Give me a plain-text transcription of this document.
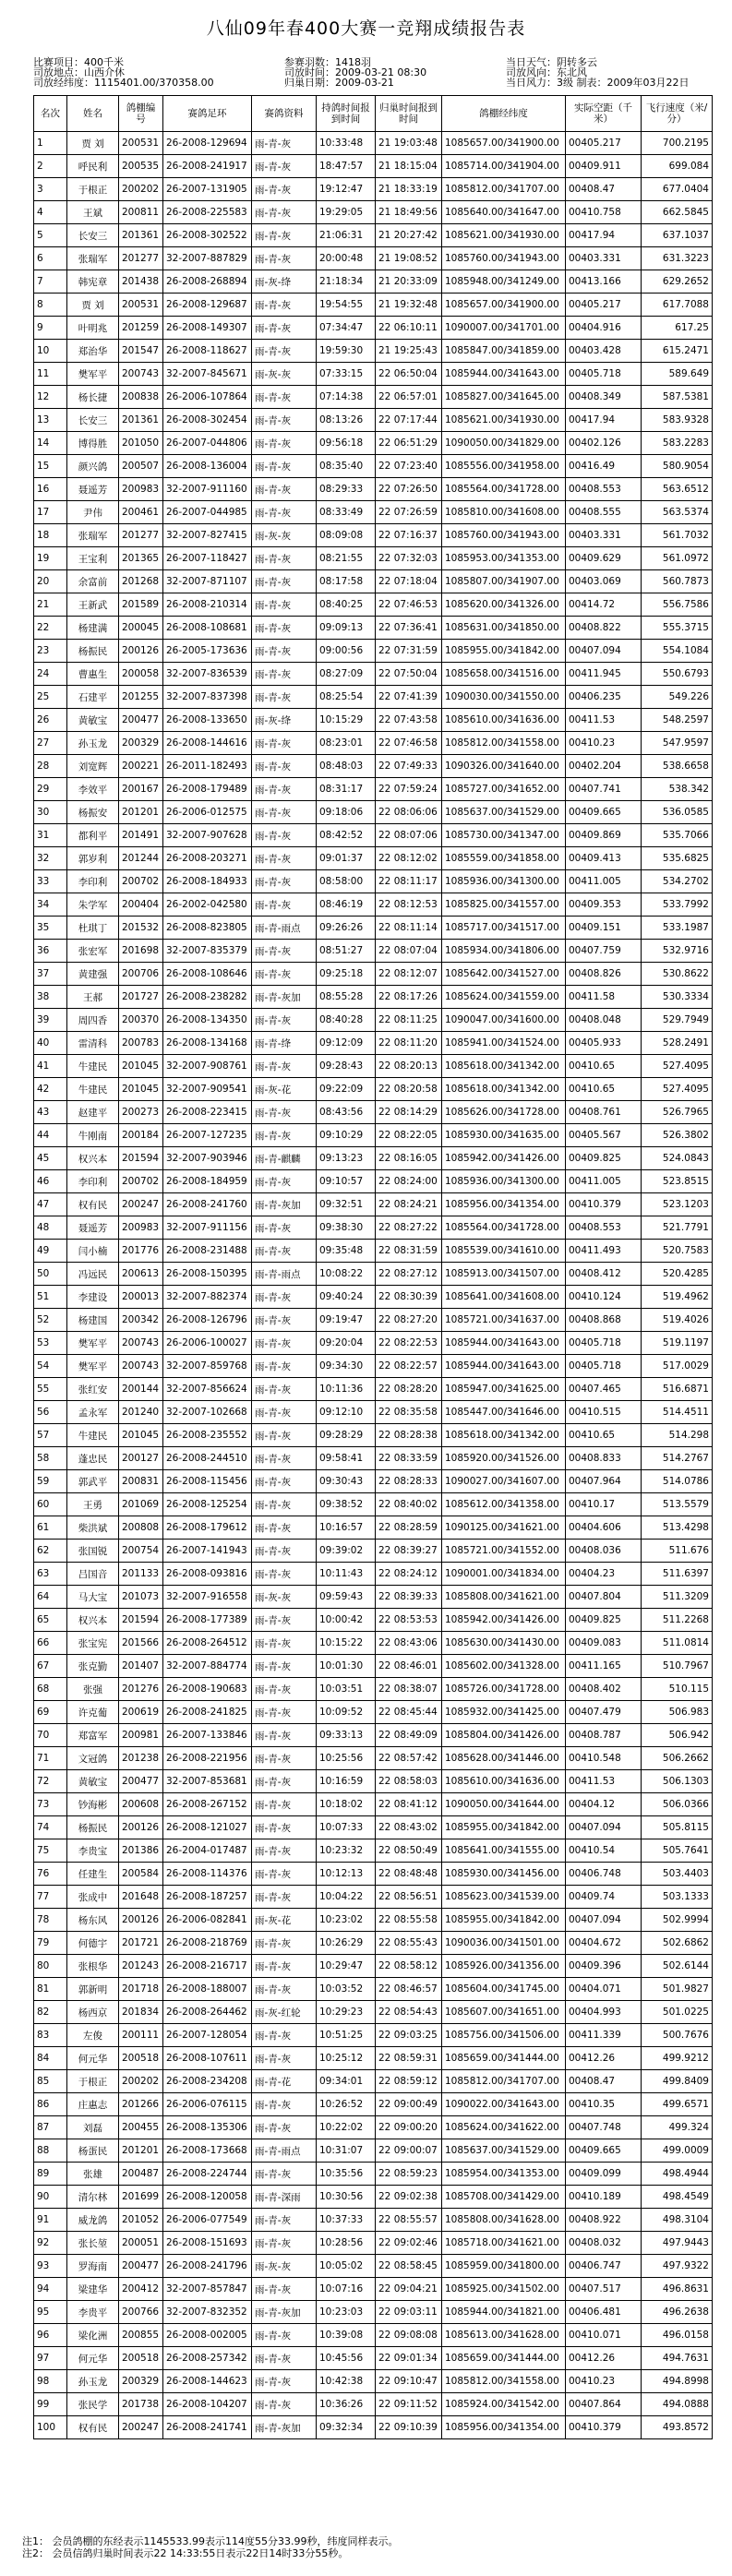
八仙09年春400大赛一竞翔成绩报告表
比赛项目：400千米
司放地点：山西介休
司放经纬度：1115401.00/370358.00
参赛羽数：1418羽
司放时间：2009-03-21 08:30
归巢日期：2009-03-21
当日天气：阴转多云
司放风向：东北风
当日风力：3级 制表：2009年03月22日
名次	姓名	鸽棚编号	赛鸽足环	赛鸽资料	持鸽时间报到时间	归巢时间报到时间	鸽棚经纬度	实际空距（千米）	飞行速度（米/分）
1	贾 刘	200531	26-2008-129694	雨-青-灰	10:33:48	21 19:03:48	1085657.00/341900.00	00405.217	700.2195
2	呼民利	200535	26-2008-241917	雨-青-灰	18:47:57	21 18:15:04	1085714.00/341904.00	00409.911	699.084
3	于根正	200202	26-2007-131905	雨-青-灰	19:12:47	21 18:33:19	1085812.00/341707.00	00408.47	677.0404
4	王斌	200811	26-2008-225583	雨-青-灰	19:29:05	21 18:49:56	1085640.00/341647.00	00410.758	662.5845
5	长安三	201361	26-2008-302522	雨-青-灰	21:06:31	21 20:27:42	1085621.00/341930.00	00417.94	637.1037
6	张瑞军	201277	32-2007-887829	雨-青-灰	20:00:48	21 19:08:52	1085760.00/341943.00	00403.331	631.3223
7	韩宪章	201438	26-2008-268894	雨-灰-绛	21:18:34	21 20:33:09	1085948.00/341249.00	00413.166	629.2652
8	贾 刘	200531	26-2008-129687	雨-青-灰	19:54:55	21 19:32:48	1085657.00/341900.00	00405.217	617.7088
9	叶明兆	201259	26-2008-149307	雨-青-灰	07:34:47	22 06:10:11	1090007.00/341701.00	00404.916	617.25
10	郑治华	201547	26-2008-118627	雨-青-灰	19:59:30	21 19:25:43	1085847.00/341859.00	00403.428	615.2471
11	樊军平	200743	32-2007-845671	雨-灰-灰	07:33:15	22 06:50:04	1085944.00/341643.00	00405.718	589.649
12	杨长捷	200838	26-2006-107864	雨-青-灰	07:14:38	22 06:57:01	1085827.00/341645.00	00408.349	587.5381
13	长安三	201361	26-2008-302454	雨-青-灰	08:13:26	22 07:17:44	1085621.00/341930.00	00417.94	583.9328
14	博得胜	201050	26-2007-044806	雨-青-灰	09:56:18	22 06:51:29	1090050.00/341829.00	00402.126	583.2283
15	颜兴鸽	200507	26-2008-136004	雨-青-灰	08:35:40	22 07:23:40	1085556.00/341958.00	00416.49	580.9054
16	聂遥芳	200983	32-2007-911160	雨-青-灰	08:29:33	22 07:26:50	1085564.00/341728.00	00408.553	563.6512
17	尹伟	200461	26-2007-044985	雨-青-灰	08:33:49	22 07:26:59	1085810.00/341608.00	00408.555	563.5374
18	张瑞军	201277	32-2007-827415	雨-灰-灰	08:09:08	22 07:16:37	1085760.00/341943.00	00403.331	561.7032
19	王宝利	201365	26-2007-118427	雨-青-灰	08:21:55	22 07:32:03	1085953.00/341353.00	00409.629	561.0972
20	余富前	201268	32-2007-871107	雨-青-灰	08:17:58	22 07:18:04	1085807.00/341907.00	00403.069	560.7873
21	王新武	201589	26-2008-210314	雨-青-灰	08:40:25	22 07:46:53	1085620.00/341326.00	00414.72	556.7586
22	杨建满	200045	26-2008-108681	雨-青-灰	09:09:13	22 07:36:41	1085631.00/341850.00	00408.822	555.3715
23	杨振民	200126	26-2005-173636	雨-青-灰	09:00:56	22 07:31:59	1085955.00/341842.00	00407.094	554.1084
24	曹惠生	200058	32-2007-836539	雨-青-灰	08:27:09	22 07:50:04	1085658.00/341516.00	00411.945	550.6793
25	石建平	201255	32-2007-837398	雨-青-灰	08:25:54	22 07:41:39	1090030.00/341550.00	00406.235	549.226
26	黄敏宝	200477	26-2008-133650	雨-灰-绛	10:15:29	22 07:43:58	1085610.00/341636.00	00411.53	548.2597
27	孙玉龙	200329	26-2008-144616	雨-青-灰	08:23:01	22 07:46:58	1085812.00/341558.00	00410.23	547.9597
28	刘宽辉	200221	26-2011-182493	雨-青-灰	08:48:03	22 07:49:33	1090326.00/341640.00	00402.204	538.6658
29	李效平	200167	26-2008-179489	雨-青-灰	08:31:17	22 07:59:24	1085727.00/341652.00	00407.741	538.342
30	杨振安	201201	26-2006-012575	雨-青-灰	09:18:06	22 08:06:06	1085637.00/341529.00	00409.665	536.0585
31	都利平	201491	32-2007-907628	雨-青-灰	08:42:52	22 08:07:06	1085730.00/341347.00	00409.869	535.7066
32	郭岁利	201244	26-2008-203271	雨-青-灰	09:01:37	22 08:12:02	1085559.00/341858.00	00409.413	535.6825
33	李印利	200702	26-2008-184933	雨-青-灰	08:58:00	22 08:11:17	1085936.00/341300.00	00411.005	534.2702
34	朱学军	200404	26-2002-042580	雨-青-灰	08:46:19	22 08:12:53	1085825.00/341557.00	00409.353	533.7992
35	杜琪丁	201532	26-2008-823805	雨-青-雨点	09:26:26	22 08:11:14	1085717.00/341517.00	00409.151	533.1987
36	张宏军	201698	32-2007-835379	雨-青-灰	08:51:27	22 08:07:04	1085934.00/341806.00	00407.759	532.9716
37	黄建强	200706	26-2008-108646	雨-青-灰	09:25:18	22 08:12:07	1085642.00/341527.00	00408.826	530.8622
38	王郝	201727	26-2008-238282	雨-青-灰加	08:55:28	22 08:17:26	1085624.00/341559.00	00411.58	530.3334
39	周四香	200370	26-2008-134350	雨-青-灰	08:40:28	22 08:11:25	1090047.00/341600.00	00408.048	529.7949
40	雷清科	200783	26-2008-134168	雨-青-绛	09:12:09	22 08:11:20	1085941.00/341524.00	00405.933	528.2491
41	牛建民	201045	32-2007-908761	雨-青-灰	09:28:43	22 08:20:13	1085618.00/341342.00	00410.65	527.4095
42	牛建民	201045	32-2007-909541	雨-灰-花	09:22:09	22 08:20:58	1085618.00/341342.00	00410.65	527.4095
43	赵建平	200273	26-2008-223415	雨-青-灰	08:43:56	22 08:14:29	1085626.00/341728.00	00408.761	526.7965
44	牛刚南	200184	26-2007-127235	雨-青-灰	09:10:29	22 08:22:05	1085930.00/341635.00	00405.567	526.3802
45	权兴本	201594	32-2007-903946	雨-青-麒麟	09:13:23	22 08:16:05	1085942.00/341426.00	00409.825	524.0843
46	李印利	200702	26-2008-184959	雨-青-灰	09:10:57	22 08:24:00	1085936.00/341300.00	00411.005	523.8515
47	权有民	200247	26-2008-241760	雨-青-灰加	09:32:51	22 08:24:21	1085956.00/341354.00	00410.379	523.1203
48	聂遥芳	200983	32-2007-911156	雨-青-灰	09:38:30	22 08:27:22	1085564.00/341728.00	00408.553	521.7791
49	闫小楠	201776	26-2008-231488	雨-青-灰	09:35:48	22 08:31:59	1085539.00/341610.00	00411.493	520.7583
50	冯远民	200613	26-2008-150395	雨-青-雨点	10:08:22	22 08:27:12	1085913.00/341507.00	00408.412	520.4285
51	李建设	200013	32-2007-882374	雨-青-灰	09:40:24	22 08:30:39	1085641.00/341608.00	00410.124	519.4962
52	杨建国	200342	26-2008-126796	雨-青-灰	09:19:47	22 08:27:20	1085721.00/341637.00	00408.868	519.4026
53	樊军平	200743	26-2006-100027	雨-青-灰	09:20:04	22 08:22:53	1085944.00/341643.00	00405.718	519.1197
54	樊军平	200743	32-2007-859768	雨-青-灰	09:34:30	22 08:22:57	1085944.00/341643.00	00405.718	517.0029
55	张红安	200144	32-2007-856624	雨-青-灰	10:11:36	22 08:28:20	1085947.00/341625.00	00407.465	516.6871
56	孟永军	201240	32-2007-102668	雨-青-灰	09:12:10	22 08:35:58	1085447.00/341646.00	00410.515	514.4511
57	牛建民	201045	26-2008-235552	雨-青-灰	09:28:29	22 08:28:38	1085618.00/341342.00	00410.65	514.298
58	蓬忠民	200127	26-2008-244510	雨-青-灰	09:58:41	22 08:33:59	1085920.00/341526.00	00408.833	514.2767
59	郭武平	200831	26-2008-115456	雨-青-灰	09:30:43	22 08:28:33	1090027.00/341607.00	00407.964	514.0786
60	王勇	201069	26-2008-125254	雨-青-灰	09:38:52	22 08:40:02	1085612.00/341358.00	00410.17	513.5579
61	柴洪斌	200808	26-2008-179612	雨-青-灰	10:16:57	22 08:28:59	1090125.00/341621.00	00404.606	513.4298
62	张国锐	200754	26-2007-141943	雨-青-灰	09:39:02	22 08:39:27	1085721.00/341552.00	00408.036	511.676
63	吕国音	201133	26-2008-093816	雨-青-灰	10:11:43	22 08:24:12	1090001.00/341834.00	00404.23	511.6397
64	马大宝	201073	32-2007-916558	雨-灰-灰	09:59:43	22 08:39:33	1085808.00/341621.00	00407.804	511.3209
65	权兴本	201594	26-2008-177389	雨-青-灰	10:00:42	22 08:53:53	1085942.00/341426.00	00409.825	511.2268
66	张宝宪	201566	26-2008-264512	雨-青-灰	10:15:22	22 08:43:06	1085630.00/341430.00	00409.083	511.0814
67	张克勤	201407	32-2007-884774	雨-青-灰	10:01:30	22 08:46:01	1085602.00/341328.00	00411.165	510.7967
68	张强	201276	26-2008-190683	雨-青-灰	10:03:51	22 08:38:07	1085726.00/341728.00	00408.402	510.115
69	许克葡	200619	26-2008-241825	雨-青-灰	10:09:52	22 08:45:44	1085932.00/341425.00	00407.479	506.983
70	郑富军	200981	26-2007-133846	雨-青-灰	09:33:13	22 08:49:09	1085804.00/341426.00	00408.787	506.942
71	文冠鸽	201238	26-2008-221956	雨-青-灰	10:25:56	22 08:57:42	1085628.00/341446.00	00410.548	506.2662
72	黄敏宝	200477	32-2007-853681	雨-青-灰	10:16:59	22 08:58:03	1085610.00/341636.00	00411.53	506.1303
73	钞海彬	200608	26-2008-267152	雨-青-灰	10:18:02	22 08:41:12	1090050.00/341644.00	00404.12	506.0366
74	杨振民	200126	26-2008-121027	雨-青-灰	10:07:33	22 08:43:02	1085955.00/341842.00	00407.094	505.8115
75	李贵宝	201386	26-2004-017487	雨-青-灰	10:23:32	22 08:50:49	1085641.00/341555.00	00410.54	505.7641
76	任建生	200584	26-2008-114376	雨-青-灰	10:12:13	22 08:48:48	1085930.00/341456.00	00406.748	503.4403
77	张成中	201648	26-2008-187257	雨-青-灰	10:04:22	22 08:56:51	1085623.00/341539.00	00409.74	503.1333
78	杨东风	200126	26-2006-082841	雨-灰-花	10:23:02	22 08:55:58	1085955.00/341842.00	00407.094	502.9994
79	何德宇	201721	26-2008-218769	雨-青-灰	10:26:29	22 08:55:43	1090036.00/341501.00	00404.672	502.6862
80	张根华	201243	26-2008-216717	雨-青-灰	10:29:47	22 08:58:12	1085926.00/341356.00	00409.396	502.6144
81	郭新明	201718	26-2008-188007	雨-青-灰	10:03:52	22 08:46:57	1085604.00/341745.00	00404.071	501.9827
82	杨西京	201834	26-2008-264462	雨-灰-红轮	10:29:23	22 08:54:43	1085607.00/341651.00	00404.993	501.0225
83	左俊	200111	26-2007-128054	雨-青-灰	10:51:25	22 09:03:25	1085756.00/341506.00	00411.339	500.7676
84	何元华	200518	26-2008-107611	雨-青-灰	10:25:12	22 08:59:31	1085659.00/341444.00	00412.26	499.9212
85	于根正	200202	26-2008-234208	雨-青-花	09:34:01	22 08:59:12	1085812.00/341707.00	00408.47	499.8409
86	庄惠志	201266	26-2006-076115	雨-青-灰	10:26:52	22 09:00:49	1090022.00/341643.00	00410.35	499.6571
87	刘磊	200455	26-2008-135306	雨-青-灰	10:22:02	22 09:00:20	1085624.00/341622.00	00407.748	499.324
88	杨蛋民	201201	26-2008-173668	雨-青-雨点	10:31:07	22 09:00:07	1085637.00/341529.00	00409.665	499.0009
89	张雄	200487	26-2008-224744	雨-青-灰	10:35:56	22 08:59:23	1085954.00/341353.00	00409.099	498.4944
90	清尔林	201699	26-2008-120058	雨-青-深雨	10:30:56	22 09:02:38	1085708.00/341429.00	00410.189	498.4549
91	威龙鸽	201052	26-2006-077549	雨-青-灰	10:37:33	22 08:55:57	1085808.00/341628.00	00408.922	498.3104
92	张长堃	200051	26-2008-151693	雨-青-灰	10:28:56	22 09:02:46	1085718.00/341621.00	00408.032	497.9443
93	罗海南	200477	26-2008-241796	雨-灰-灰	10:05:02	22 08:58:45	1085959.00/341800.00	00406.747	497.9322
94	梁建华	200412	32-2007-857847	雨-青-灰	10:07:16	22 09:04:21	1085925.00/341502.00	00407.517	496.8631
95	李贵平	200766	32-2007-832352	雨-青-灰加	10:23:03	22 09:03:11	1085944.00/341821.00	00406.481	496.2638
96	梁化洲	200855	26-2008-002005	雨-青-灰	10:39:08	22 09:08:08	1085613.00/341628.00	00410.071	496.0158
97	何元华	200518	26-2008-257342	雨-青-灰	10:45:56	22 09:01:34	1085659.00/341444.00	00412.26	494.7631
98	孙玉龙	200329	26-2008-144623	雨-青-灰	10:42:38	22 09:10:47	1085812.00/341558.00	00410.23	494.8998
99	张民学	201738	26-2008-104207	雨-青-灰	10:36:26	22 09:11:52	1085924.00/341542.00	00407.864	494.0888
100	权有民	200247	26-2008-241741	雨-青-灰加	09:32:34	22 09:10:39	1085956.00/341354.00	00410.379	493.8572
注1： 会员鸽棚的东经表示1145533.99表示114度55分33.99秒，纬度同样表示。
注2： 会员信鸽归巢时间表示22 14:33:55日表示22日14时33分55秒。
